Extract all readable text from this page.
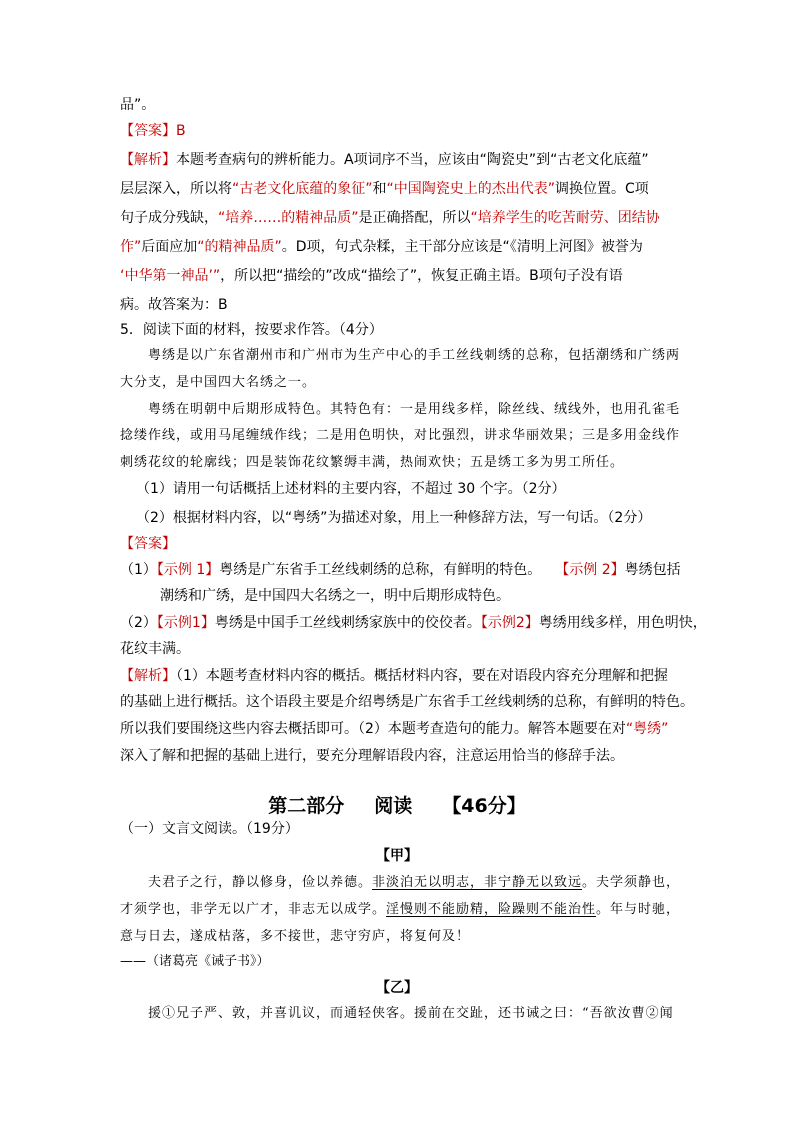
品”。
【答案】B
【解析】本题考查病句的辨析能力。A项词序不当，应该由“陶瓷史”到“古老文化底蕴”
层层深入，所以将“古老文化底蕴的象征”和“中国陶瓷史上的杰出代表”调换位置。C项
句子成分残缺，“培养……的精神品质”是正确搭配，所以“培养学生的吃苦耐劳、团结协
作”后面应加“的精神品质”。D项，句式杂糅，主干部分应该是“《清明上河图》被誉为
‘中华第一神品’”，所以把“描绘的”改成“描绘了”，恢复正确主语。B项句子没有语
病。故答案为：B
5．阅读下面的材料，按要求作答。（4分）
粤绣是以广东省潮州市和广州市为生产中心的手工丝线刺绣的总称，包括潮绣和广绣两
大分支，是中国四大名绣之一。
粤绣在明朝中后期形成特色。其特色有：一是用线多样，除丝线、绒线外，也用孔雀毛
捻缕作线，或用马尾缠绒作线；二是用色明快，对比强烈，讲求华丽效果；三是多用金线作
刺绣花纹的轮廓线；四是装饰花纹繁缛丰满，热闹欢快；五是绣工多为男工所任。
（1）请用一句话概括上述材料的主要内容，不超过 30 个字。（2分）
（2）根据材料内容，以“粤绣”为描述对象，用上一种修辞方法，写一句话。（2分）
【答案】
（1）【示例 1】粤绣是广东省手工丝线刺绣的总称，有鲜明的特色。 【示例 2】粤绣包括
潮绣和广绣，是中国四大名绣之一，明中后期形成特色。
（2）【示例1】粤绣是中国手工丝线刺绣家族中的佼佼者。【示例2】粤绣用线多样，用色明快，
花纹丰满。
【解析】（1）本题考查材料内容的概括。概括材料内容，要在对语段内容充分理解和把握
的基础上进行概括。这个语段主要是介绍粤绣是广东省手工丝线刺绣的总称，有鲜明的特色。
所以我们要围绕这些内容去概括即可。（2）本题考查造句的能力。解答本题要在对“粤绣”
深入了解和把握的基础上进行，要充分理解语段内容，注意运用恰当的修辞手法。
第二部分 阅读 【46分】
（一）文言文阅读。（19分）
【甲】
夫君子之行，静以修身，俭以养德。非淡泊无以明志，非宁静无以致远。夫学须静也，
才须学也，非学无以广才，非志无以成学。淫慢则不能励精，险躁则不能治性。年与时驰，
意与日去，遂成枯落，多不接世，悲守穷庐，将复何及！
——（诸葛亮《诫子书》）
【乙】
援①兄子严、敦，并喜讥议，而通轻侠客。援前在交趾，还书诫之曰：“吾欲汝曹②闻
